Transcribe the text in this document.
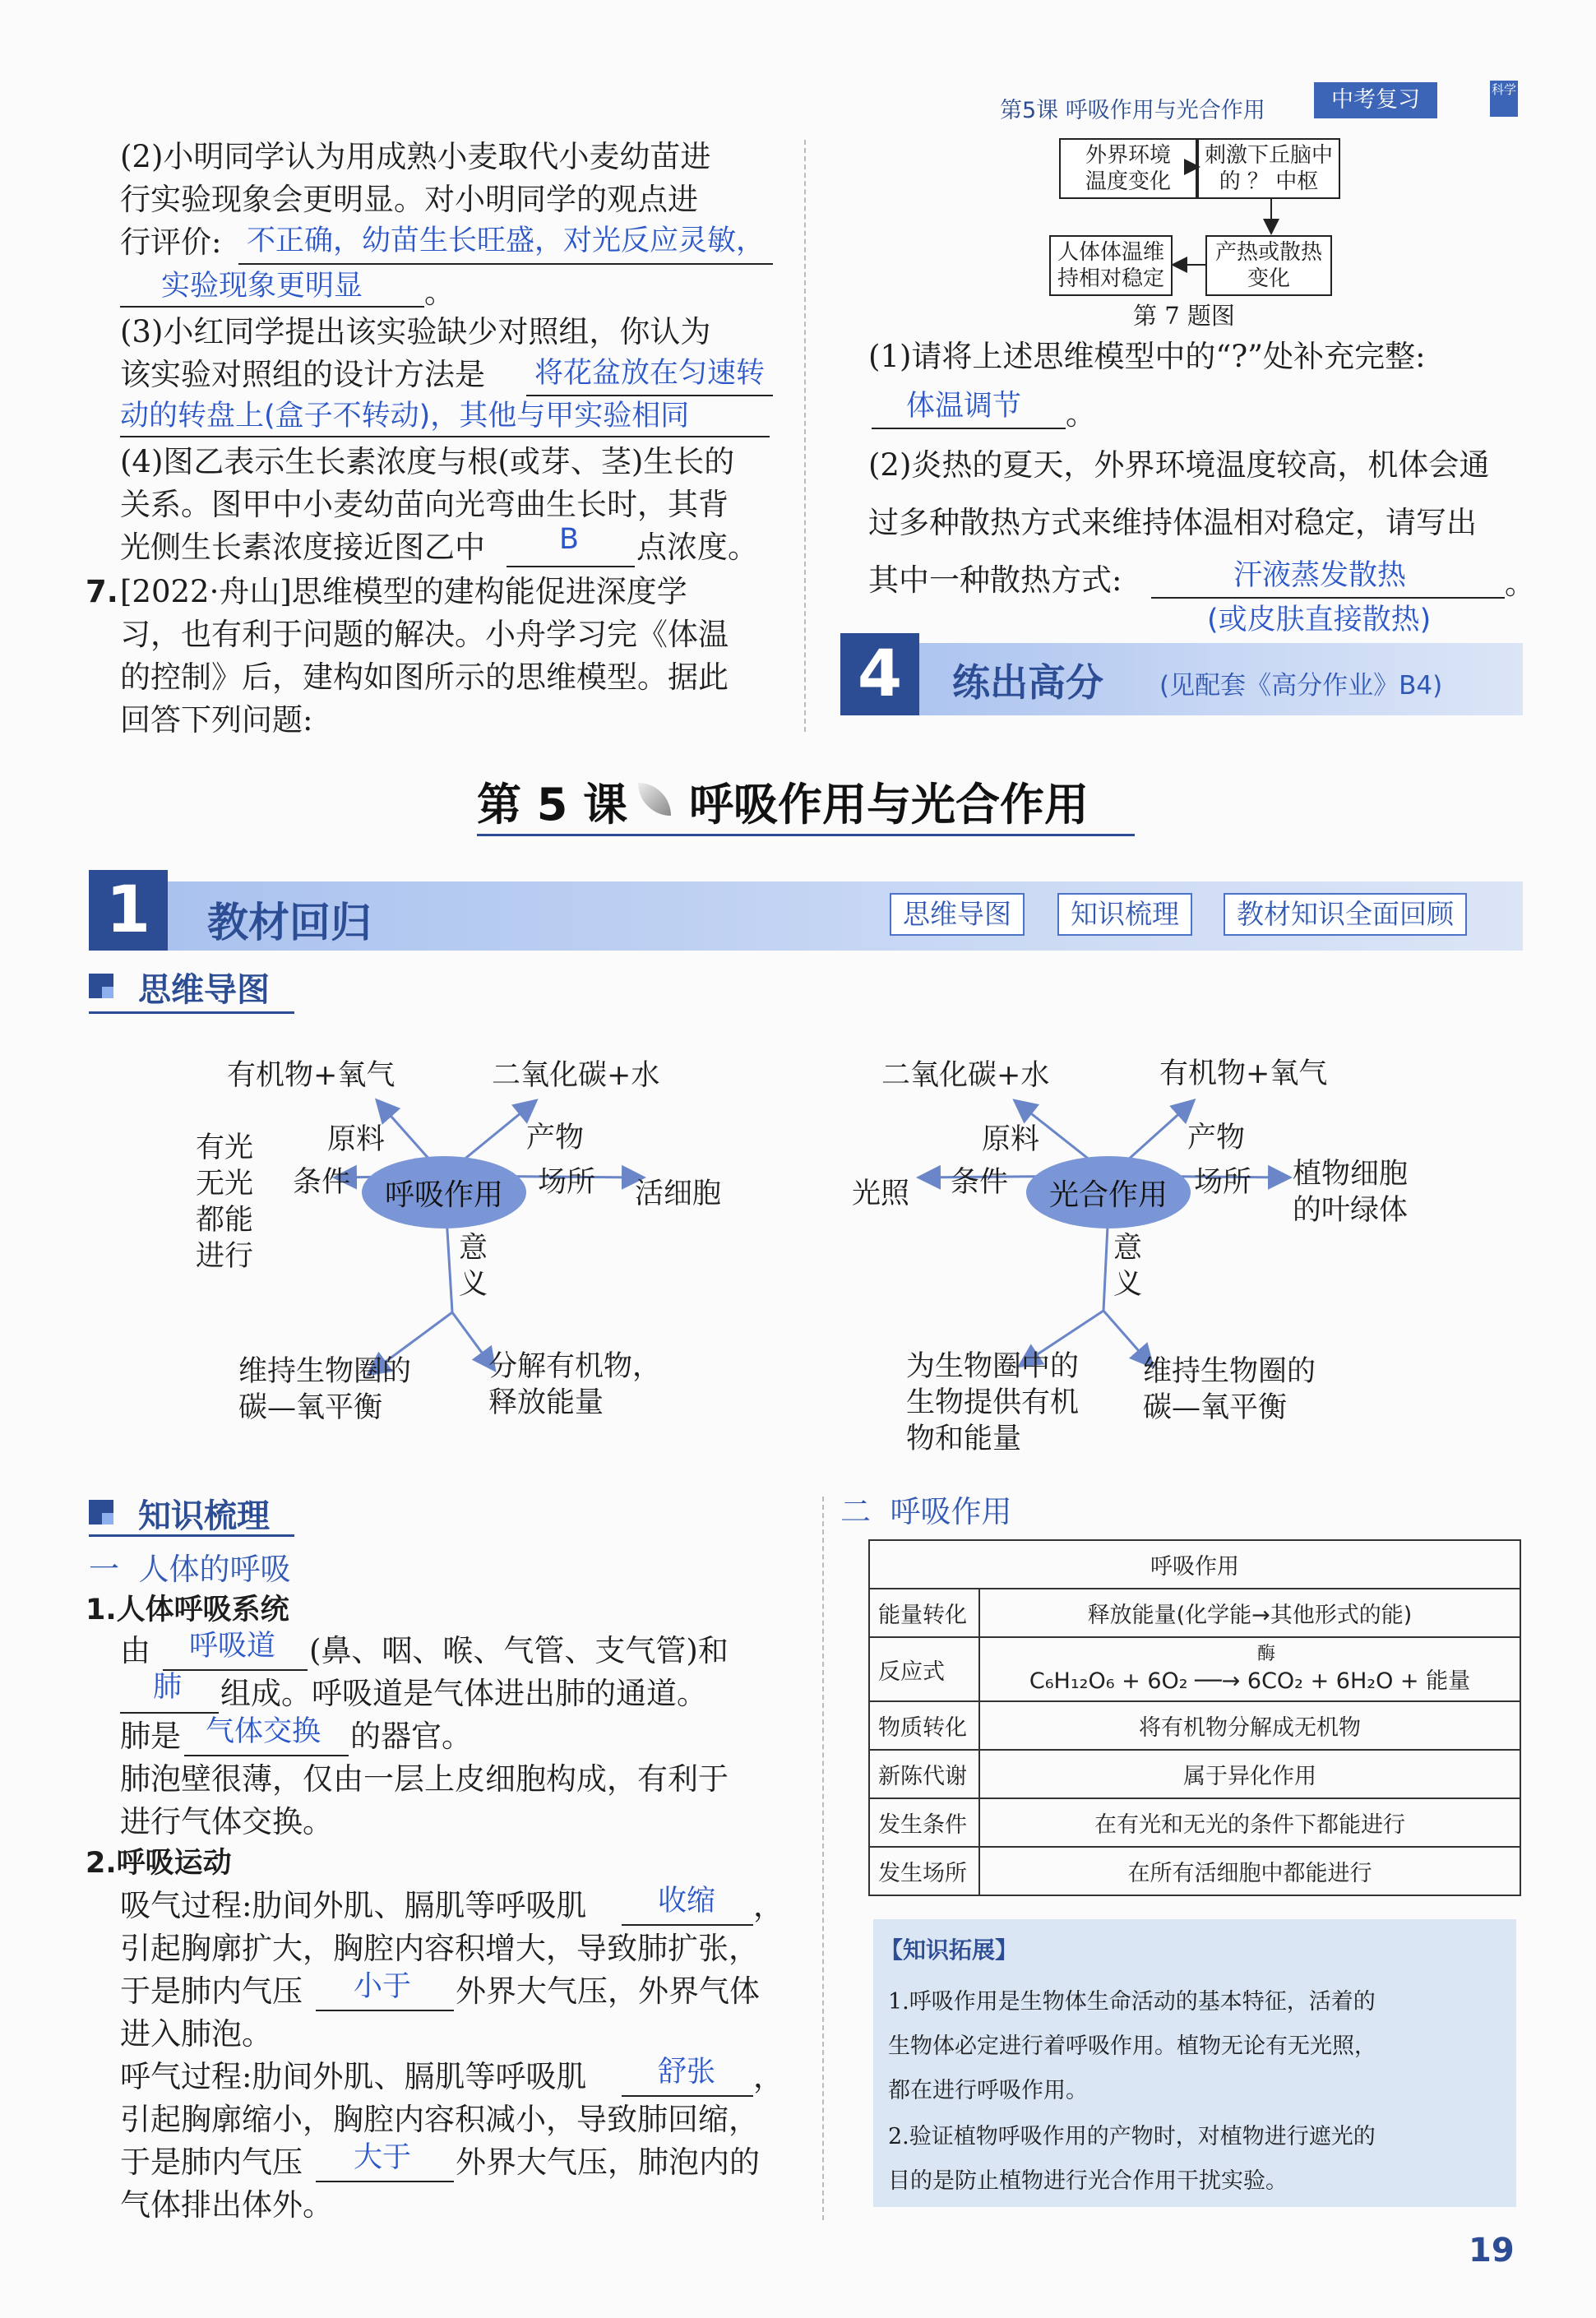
第5课 呼吸作用与光合作用	中考复习	科学
(2)小明同学认为用成熟小麦取代小麦幼苗进
行实验现象会更明显。对小明同学的观点进
行评价: 不正确，幼苗生长旺盛，对光反应灵敏，
实验现象更明显 。
(3)小红同学提出该实验缺少对照组，你认为
该实验对照组的设计方法是 将花盆放在匀速转
动的转盘上(盒子不转动)，其他与甲实验相同
(4)图乙表示生长素浓度与根(或芽、茎)生长的
关系。图甲中小麦幼苗向光弯曲生长时，其背
光侧生长素浓度接近图乙中	B 点浓度。
7. [2022·舟山]思维模型的建构能促进深度学
习，也有利于问题的解决。小舟学习完《体温
的控制》后，建构如图所示的思维模型。据此
回答下列问题:
外界环境
温度变化
刺激下丘脑中
的 ？ 中枢
人体体温维
持相对稳定
产热或散热
变化
第 7 题图
(1)请将上述思维模型中的“?”处补充完整:
体温调节 。
(2)炎热的夏天，外界环境温度较高，机体会通
过多种散热方式来维持体温相对稳定，请写出
其中一种散热方式:	汗液蒸发散热	。
(或皮肤直接散热)
4	练出高分 (见配套《高分作业》B4)
第 5 课 呼吸作用与光合作用
1	教材回归	思维导图	知识梳理	教材知识全面回顾
思维导图
呼吸作用
有机物+氧气	二氧化碳+水
原料	产物
条件	场所
意
义
有光
无光
都能
进行
活细胞
维持生物圈的
碳—氧平衡
分解有机物，
释放能量
光合作用
二氧化碳+水	有机物+氧气
原料	产物
条件	场所
意
义
光照
植物细胞
的叶绿体
为生物圈中的
生物提供有机
物和能量
维持生物圈的
碳—氧平衡
知识梳理
一  人体的呼吸
1.人体呼吸系统
由 呼吸道 (鼻、咽、喉、气管、支气管)和
肺 组成。呼吸道是气体进出肺的通道。
肺是 气体交换 的器官。
肺泡壁很薄，仅由一层上皮细胞构成，有利于
进行气体交换。
2.呼吸运动
吸气过程:肋间外肌、膈肌等呼吸肌 收缩 ，
引起胸廓扩大，胸腔内容积增大，导致肺扩张，
于是肺内气压 小于 外界大气压，外界气体
进入肺泡。
呼气过程:肋间外肌、膈肌等呼吸肌 舒张 ，
引起胸廓缩小，胸腔内容积减小，导致肺回缩，
于是肺内气压 大于 外界大气压，肺泡内的
气体排出体外。
二  呼吸作用
呼吸作用	
能量转化	释放能量(化学能→其他形式的能)
反应式	酶
C₆H₁₂O₆ + 6O₂ ──→ 6CO₂ + 6H₂O + 能量
物质转化	将有机物分解成无机物
新陈代谢	属于异化作用
发生条件	在有光和无光的条件下都能进行
发生场所	在所有活细胞中都能进行
【知识拓展】
1.呼吸作用是生物体生命活动的基本特征，活着的
生物体必定进行着呼吸作用。植物无论有无光照，
都在进行呼吸作用。
2.验证植物呼吸作用的产物时，对植物进行遮光的
目的是防止植物进行光合作用干扰实验。
19
